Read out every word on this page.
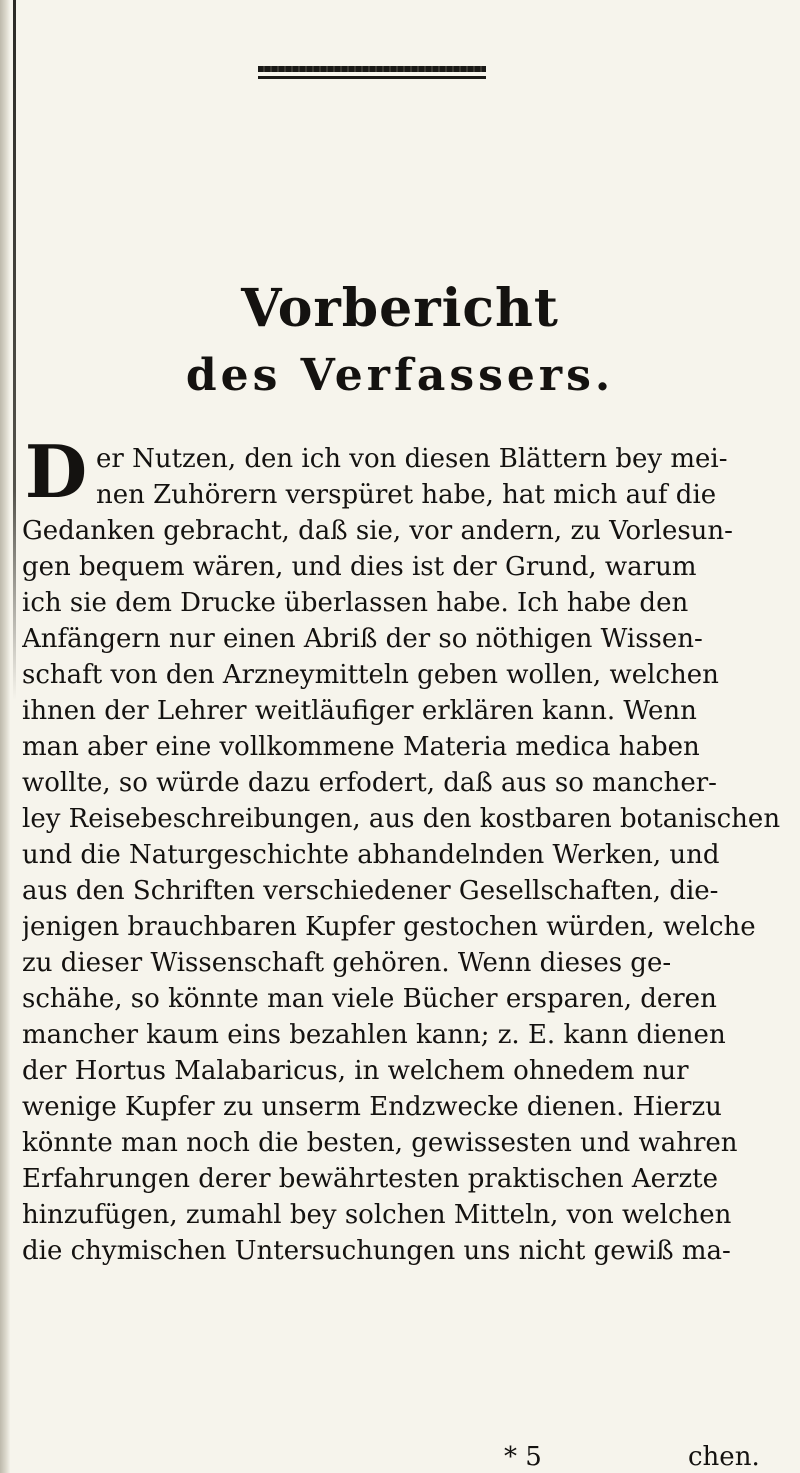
Vorbericht
des Verfassers.
D er Nutzen, den ich von diesen Blättern bey mei-
nen Zuhörern verspüret habe, hat mich auf die
Gedanken gebracht, daß sie, vor andern, zu Vorlesun-
gen bequem wären, und dies ist der Grund, warum
ich sie dem Drucke überlassen habe. Ich habe den
Anfängern nur einen Abriß der so nöthigen Wissen-
schaft von den Arzneymitteln geben wollen, welchen
ihnen der Lehrer weitläufiger erklären kann. Wenn
man aber eine vollkommene Materia medica haben
wollte, so würde dazu erfodert, daß aus so mancher-
ley Reisebeschreibungen, aus den kostbaren botanischen
und die Naturgeschichte abhandelnden Werken, und
aus den Schriften verschiedener Gesellschaften, die-
jenigen brauchbaren Kupfer gestochen würden, welche
zu dieser Wissenschaft gehören. Wenn dieses ge-
schähe, so könnte man viele Bücher ersparen, deren
mancher kaum eins bezahlen kann; z. E. kann dienen
der Hortus Malabaricus, in welchem ohnedem nur
wenige Kupfer zu unserm Endzwecke dienen. Hierzu
könnte man noch die besten, gewissesten und wahren
Erfahrungen derer bewährtesten praktischen Aerzte
hinzufügen, zumahl bey solchen Mitteln, von welchen
die chymischen Untersuchungen uns nicht gewiß ma-
* 5	chen.
